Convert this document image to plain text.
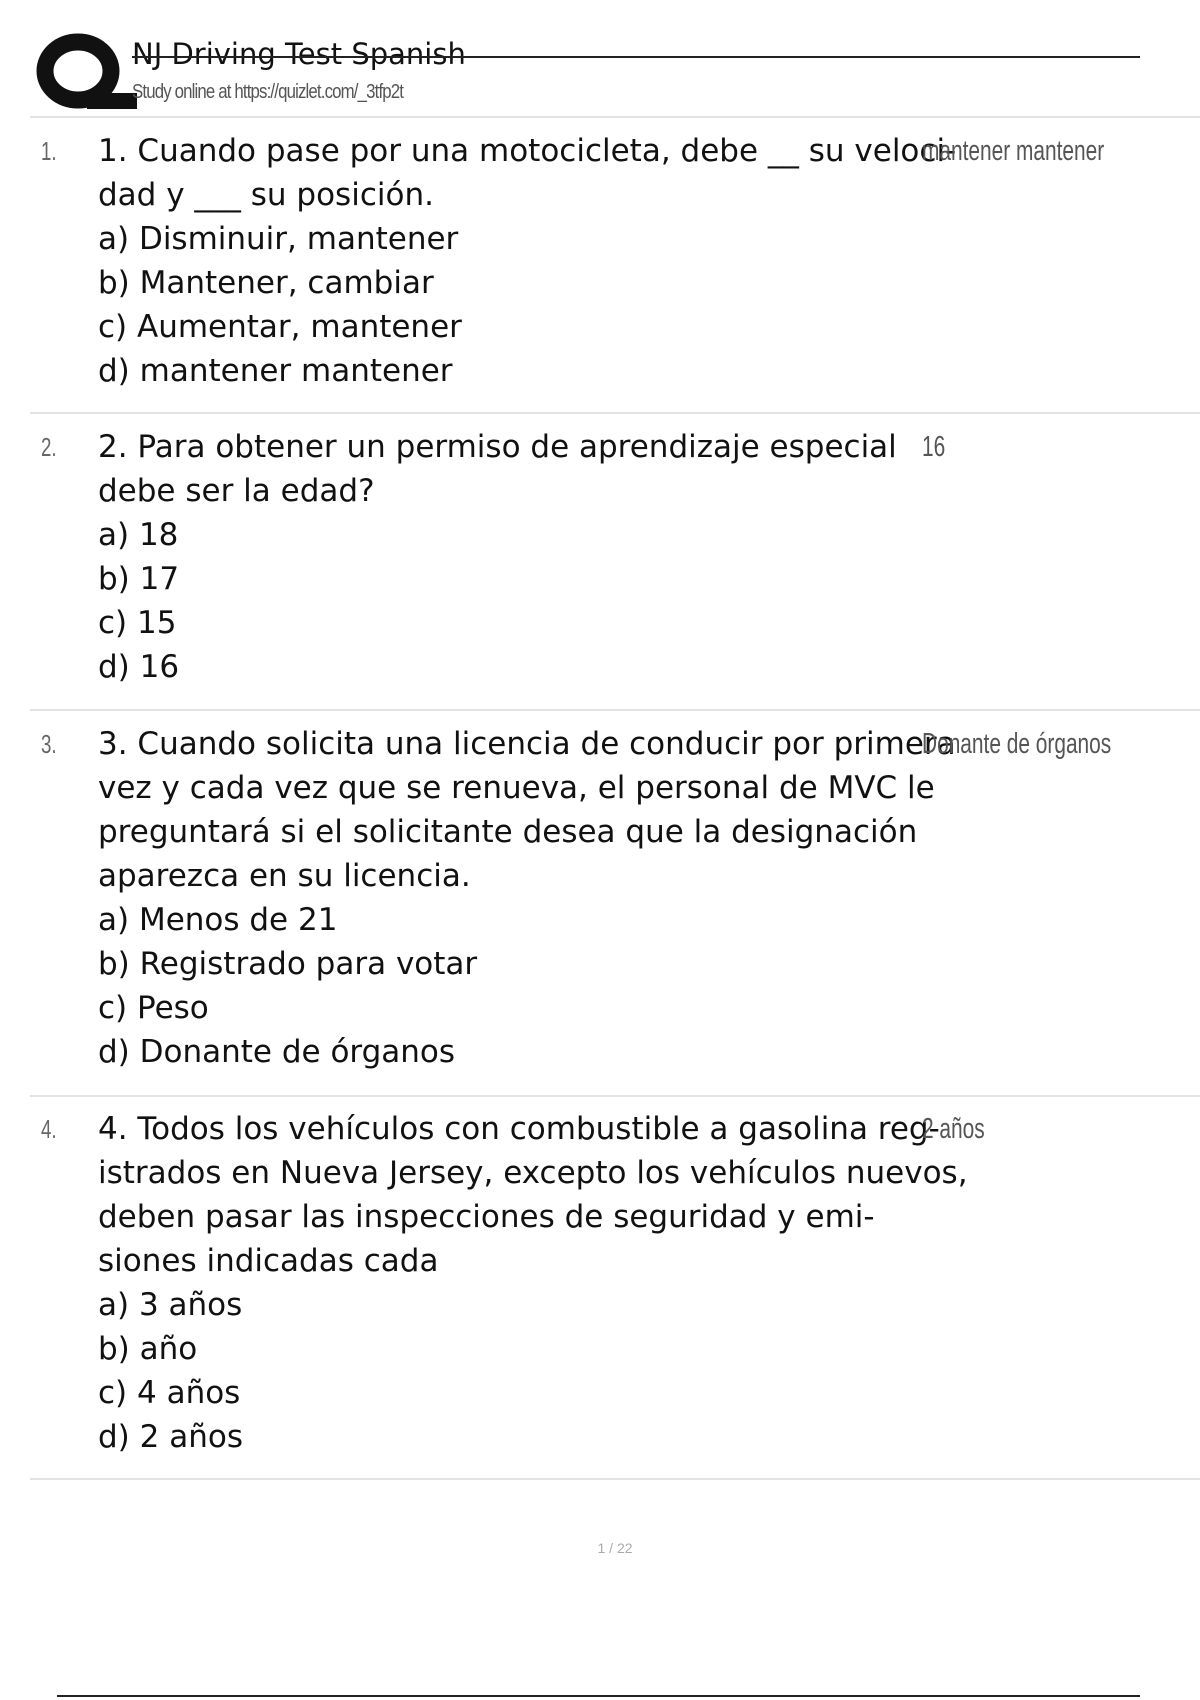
NJ Driving Test Spanish
Study online at https://quizlet.com/_3tfp2t
1. 1. Cuando pase por una motocicleta, debe __ su veloci-
dad y ___ su posición.
a) Disminuir, mantener
b) Mantener, cambiar
c) Aumentar, mantener
d) mantener mantener
mantener mantener
2. 2. Para obtener un permiso de aprendizaje especial
debe ser la edad?
a) 18
b) 17
c) 15
d) 16
16
3. 3. Cuando solicita una licencia de conducir por primera
vez y cada vez que se renueva, el personal de MVC le
preguntará si el solicitante desea que la designación
aparezca en su licencia.
a) Menos de 21
b) Registrado para votar
c) Peso
d) Donante de órganos
Donante de órganos
4. 4. Todos los vehículos con combustible a gasolina reg-
istrados en Nueva Jersey, excepto los vehículos nuevos,
deben pasar las inspecciones de seguridad y emi-
siones indicadas cada
a) 3 años
b) año
c) 4 años
d) 2 años
2 años
1 / 22
